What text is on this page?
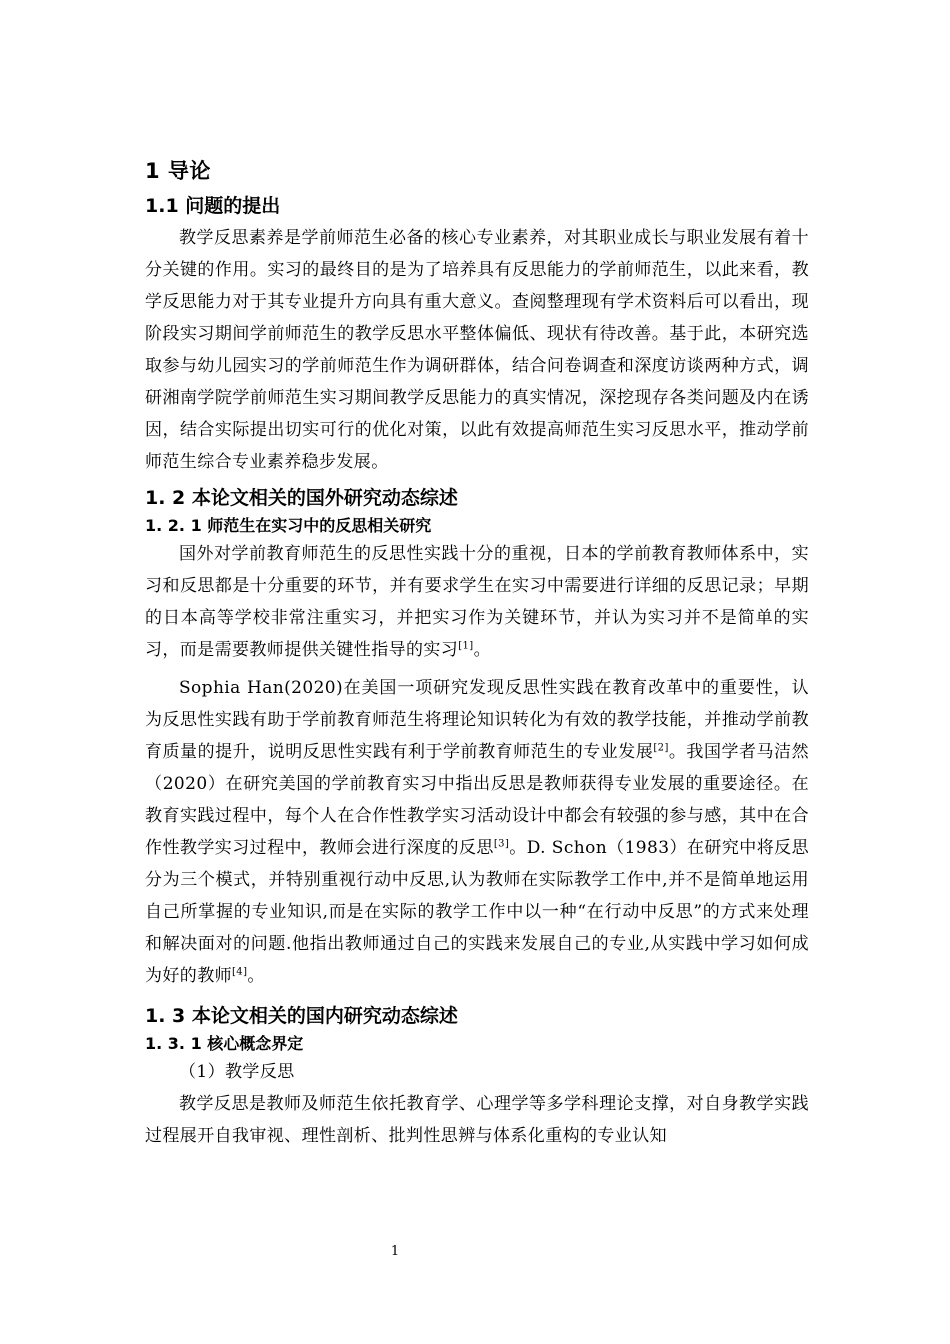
1 导论
1.1 问题的提出

教学反思素养是学前师范生必备的核心专业素养，对其职业成长与职业发展有着十分关键的作用。实习的最终目的是为了培养具有反思能力的学前师范生，以此来看，教学反思能力对于其专业提升方向具有重大意义。查阅整理现有学术资料后可以看出，现阶段实习期间学前师范生的教学反思水平整体偏低、现状有待改善。基于此，本研究选取参与幼儿园实习的学前师范生作为调研群体，结合问卷调查和深度访谈两种方式，调研湘南学院学前师范生实习期间教学反思能力的真实情况，深挖现存各类问题及内在诱因，结合实际提出切实可行的优化对策，以此有效提高师范生实习反思水平，推动学前师范生综合专业素养稳步发展。

1. 2 本论文相关的国外研究动态综述
1. 2. 1 师范生在实习中的反思相关研究

国外对学前教育师范生的反思性实践十分的重视，日本的学前教育教师体系中，实习和反思都是十分重要的环节，并有要求学生在实习中需要进行详细的反思记录；早期的日本高等学校非常注重实习，并把实习作为关键环节，并认为实习并不是简单的实习，而是需要教师提供关键性指导的实习[1]。

Sophia Han(2020)在美国一项研究发现反思性实践在教育改革中的重要性，认为反思性实践有助于学前教育师范生将理论知识转化为有效的教学技能，并推动学前教育质量的提升，说明反思性实践有利于学前教育师范生的专业发展[2]。我国学者马洁然（2020）在研究美国的学前教育实习中指出反思是教师获得专业发展的重要途径。在教育实践过程中，每个人在合作性教学实习活动设计中都会有较强的参与感，其中在合作性教学实习过程中，教师会进行深度的反思[3]。D. Schon（1983）在研究中将反思分为三个模式，并特别重视行动中反思,认为教师在实际教学工作中,并不是简单地运用自己所掌握的专业知识,而是在实际的教学工作中以一种“在行动中反思”的方式来处理和解决面对的问题.他指出教师通过自己的实践来发展自己的专业,从实践中学习如何成为好的教师[4]。

1. 3 本论文相关的国内研究动态综述
1. 3. 1 核心概念界定

（1）教学反思

教学反思是教师及师范生依托教育学、心理学等多学科理论支撑，对自身教学实践过程展开自我审视、理性剖析、批判性思辨与体系化重构的专业认知

1
